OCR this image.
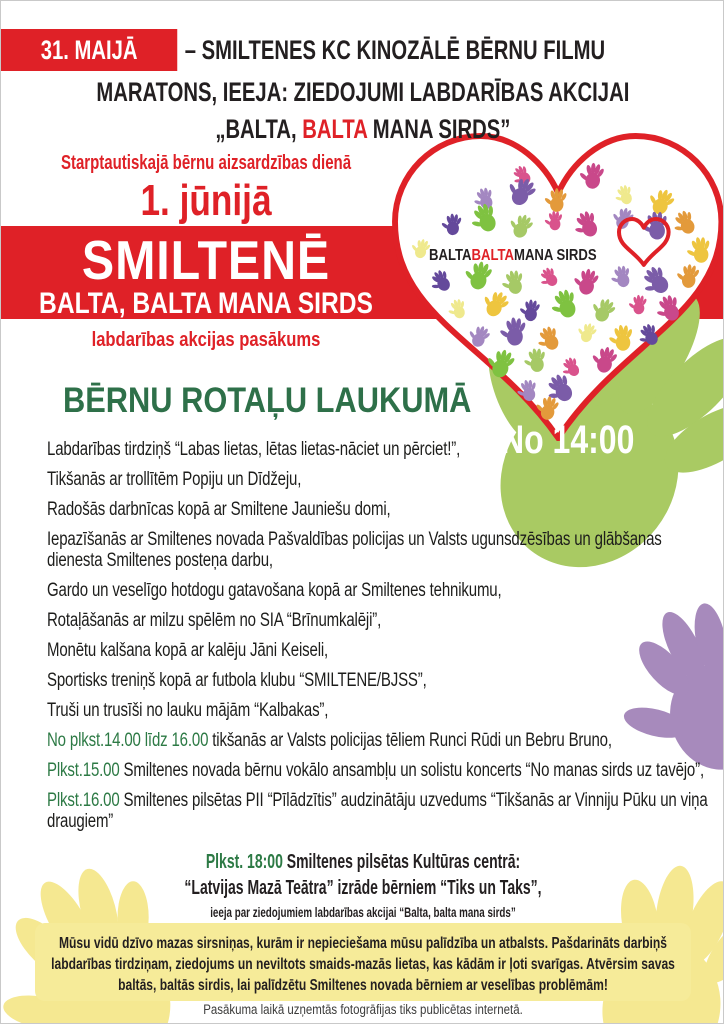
Mūsu vidū dzīvo mazas sirsniņas, kurām ir nepieciešama mūsu palīdzība un atbalsts. Pašdarināts darbiņš labdarības tirdziņam, ziedojums un neviltots smaids-mazās lietas, kas kādām ir ļoti svarīgas. Atvērsim savas baltās, baltās sirdis, lai palīdzētu Smiltenes novada bērniem ar veselības problēmām!
BALTABALTAMANA SIRDS
31. MAIJĀ	– SMILTENES KC KINOZĀLĒ BĒRNU FILMU
MARATONS, IEEJA: ZIEDOJUMI LABDARĪBAS AKCIJAI
„BALTA, BALTA MANA SIRDS”
Starptautiskajā bērnu aizsardzības dienā
1. jūnijā
SMILTENĒ
BALTA, BALTA MANA SIRDS
labdarības akcijas pasākums
BĒRNU ROTAĻU LAUKUMĀ
No 14:00
Labdarības tirdziņš “Labas lietas, lētas lietas-nāciet un pērciet!”,
Tikšanās ar trollītēm Popiju un Dīdžeju,
Radošās darbnīcas kopā ar Smiltene Jauniešu domi,
Iepazīšanās ar Smiltenes novada Pašvaldības policijas un Valsts ugunsdzēsības un glābšanas dienesta Smiltenes posteņa darbu,
Gardo un veselīgo hotdogu gatavošana kopā ar Smiltenes tehnikumu,
Rotaļāšanās ar milzu spēlēm no SIA “Brīnumkalēji”,
Monētu kalšana kopā ar kalēju Jāni Keiseli,
Sportisks treniņš kopā ar futbola klubu “SMILTENE/BJSS”,
Truši un trusīši no lauku mājām “Kalbakas”,
No plkst.14.00 līdz 16.00 tikšanās ar Valsts policijas tēliem Runci Rūdi un Bebru Bruno,
Plkst.15.00 Smiltenes novada bērnu vokālo ansambļu un solistu koncerts “No manas sirds uz tavējo”,
Plkst.16.00 Smiltenes pilsētas PII “Pīlādzītis” audzinātāju uzvedums “Tikšanās ar Vinniju Pūku un viņa draugiem”
Plkst. 18:00 Smiltenes pilsētas Kultūras centrā:
“Latvijas Mazā Teātra” izrāde bērniem “Tiks un Taks”,
ieeja par ziedojumiem labdarības akcijai “Balta, balta mana sirds”
Pasākuma laikā uzņemtās fotogrāfijas tiks publicētas internetā.
